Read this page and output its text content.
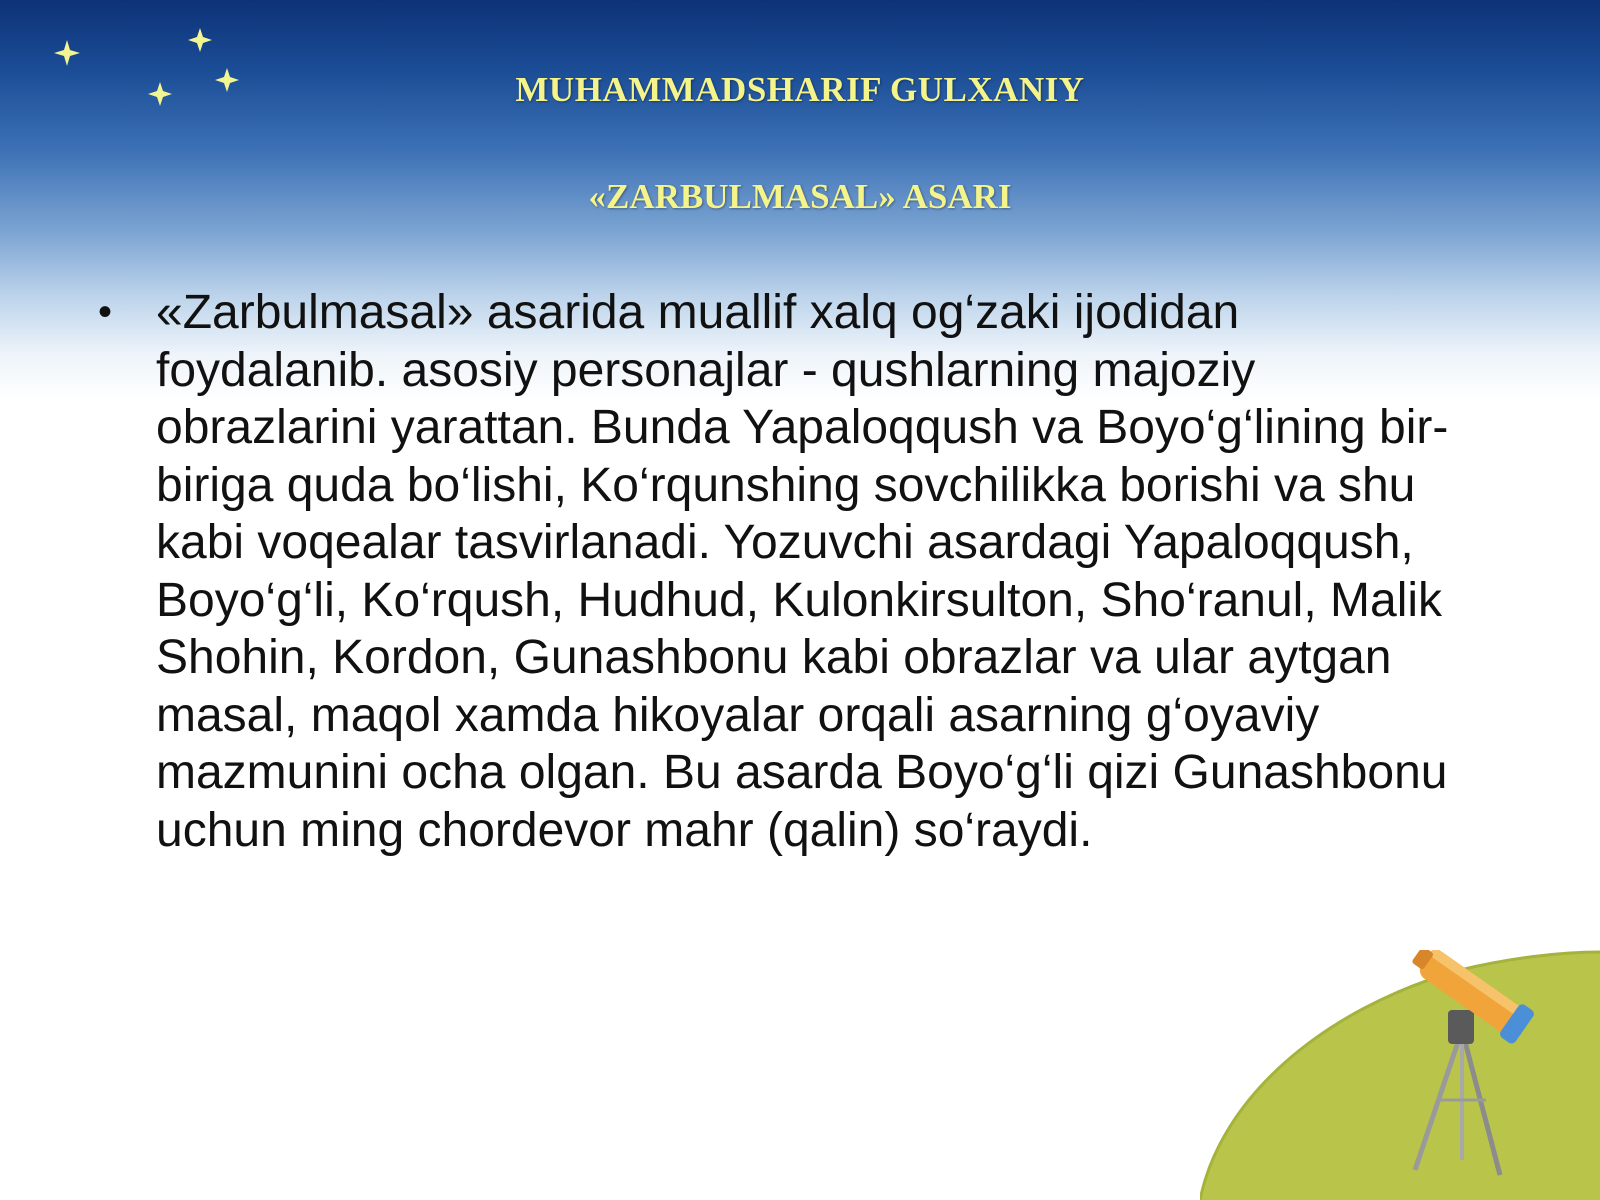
MUHAMMADSHARIF GULXANIY
«ZARBULMASAL» ASARI
• «Zarbulmasal» asarida muallif xalq og‘zaki ijodidan foydalanib. asosiy personajlar - qushlarning majoziy obrazlarini yarattan. Bunda Yapaloqqush va Boyo‘g‘lining bir-biriga quda bo‘lishi, Ko‘rqunshing sovchilikka borishi va shu kabi voqealar tasvirlanadi. Yozuvchi asardagi Yapaloqqush, Boyo‘g‘li, Ko‘rqush, Hudhud, Kulonkirsulton, Sho‘ranul, Malik Shohin, Kordon, Gunashbonu kabi obrazlar va ular aytgan masal, maqol xamda hikoyalar orqali asarning g‘oyaviy mazmunini ocha olgan. Bu asarda Boyo‘g‘li qizi Gunashbonu uchun ming chordevor mahr (qalin) so‘raydi.
